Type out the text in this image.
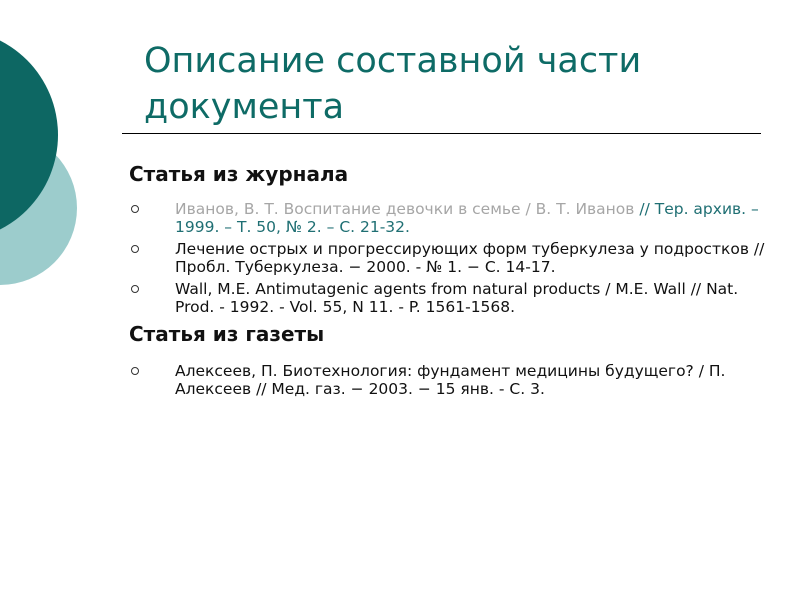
Описание составной части документа
Статья из журнала
Иванов, В. Т. Воспитание девочки в семье / В. Т. Иванов // Тер. архив. – 1999. – Т. 50, № 2. – С. 21-32.
Лечение острых и прогрессирующих форм туберкулеза у подростков // Пробл. Туберкулеза. − 2000. - № 1. − С. 14-17.
Wall, M.E. Antimutagenic agents from natural products / M.E. Wall // Nat. Prod. - 1992. - Vol. 55, N 11. - P. 1561-1568.
Статья из газеты
Алексеев, П. Биотехнология: фундамент медицины будущего? / П. Алексеев // Мед. газ. − 2003. − 15 янв. - С. 3.
